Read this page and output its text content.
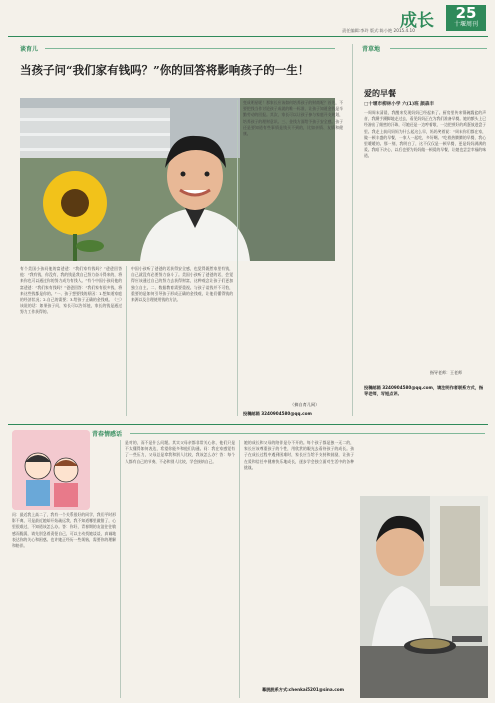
成长	25
十堰周刊
责任编辑:李玲 版式:陈小艳 2015.4.10
谈育儿
当孩子问“我们家有钱吗？”你的回答将影响孩子的一生！
有个美国小孩问他的富爸爸：“我们家有钱吗？”爸爸回答他：“我有钱，你没有，我的钱是我自己努力奋斗得来的，将来你也可以通过你的努力成为有钱人。”有个中国小孩问他的富爸爸：“我们家有钱吗？”爸爸回答：“我们家有很多钱，将来这些钱都是你的。”一、孩子想要钱的原因：1.想知道家庭的经济状况；2.自己的需要；3.给孩子正确的金钱观。（三）该说的话：如果孩子问，家长可以告诉他，家长的钱是通过努力工作获得的。
中国小孩听了爸爸的话获得安全感，也觉得既然家里有钱，自己就没有必要努力奋斗了。美国小孩听了爸爸的话，会觉得应该通过自己的努力去获得财富，这种观念让孩子们更加独立自主。二、数据教育需要重视。与孩子谈钱并不可怕，重要的是如何引导孩子形成正确的金钱观，让他们懂得钱的来源以及合理使用钱的方法。
变成明星呢！那家长应该如何培养孩子的财商呢？首先，不要把钱当作讨论孩子成就的唯一标准，让孩子知道金钱是辛勤劳动的回报。其次，家长可以让孩子参与家庭开支规划，培养孩子的理财意识。三、金钱方面给予孩子安全感。孩子还是要知道有些事情是钱买不到的，比如亲情、友情和健康。
（摘自育儿网）
投稿邮箱 3240904580@qq.com
青草地
爱的早餐
□十堰市柳林小学 六(1)班 颜森丰
一周周末清晨，我醒来发现妈妈已经起来了。厨房里传来锅碗瓢盆的声音，我蹑手蹑脚地走过去，看见妈妈正在为我们准备早餐。她的额头上已经渗出了细密的汗珠，可她还是一边哼着歌，一边把煎好的鸡蛋放进盘子里。我走上前问妈妈为什么起这么早，妈妈笑着说：“周末你们都在家，做一顿丰盛的早餐，一家人一起吃，多好啊。”吃着热腾腾的早餐，我心里暖暖的。那一刻，我明白了，这不仅仅是一顿早餐，更是妈妈满满的爱。我暗下决心，以后也要为妈妈做一顿爱的早餐，让她也尝尝幸福的味道。
指导老师：王老师
投稿邮箱 3240904580@qq.com，请注明作者联系方式，指导老师，写短点评。
青春情感话
问：最近我上高二了，我有一个关系很好的同学，我们平时形影不离，可是最近她却开始疏远我，我不知道哪里做错了，心里很难过，不知道该怎么办。答：你好，青春期的友谊往往敏感而脆弱，请先别急着责怪自己，可以主动找她谈谈，真诚地表达你的关心和困惑。也许她正经历一些烦恼，需要你的理解和陪伴。
是对的，而不是什么问题。其实父母亲都非常关心你，他们只是不太懂得如何表达，希望你能多和他们沟通。问：我在家感觉有了一些压力，父母总是拿我和别人比较，我该怎么办？答：每个人都有自己的节奏，不必和别人比较，学会接纳自己。
她的成长和父母的陪伴是分不开的。每个孩子都是独一无二的，家长应该尊重孩子的个性，用欣赏的眼光去看待孩子的成长。孩子在成长过程中遇到困难时，家长应当给予支持和鼓励，让孩子在爱和信任中健康快乐地成长，逐步学会独立面对生活中的各种挑战。
幕脱脱系方式:chenkai5201@sina.com
